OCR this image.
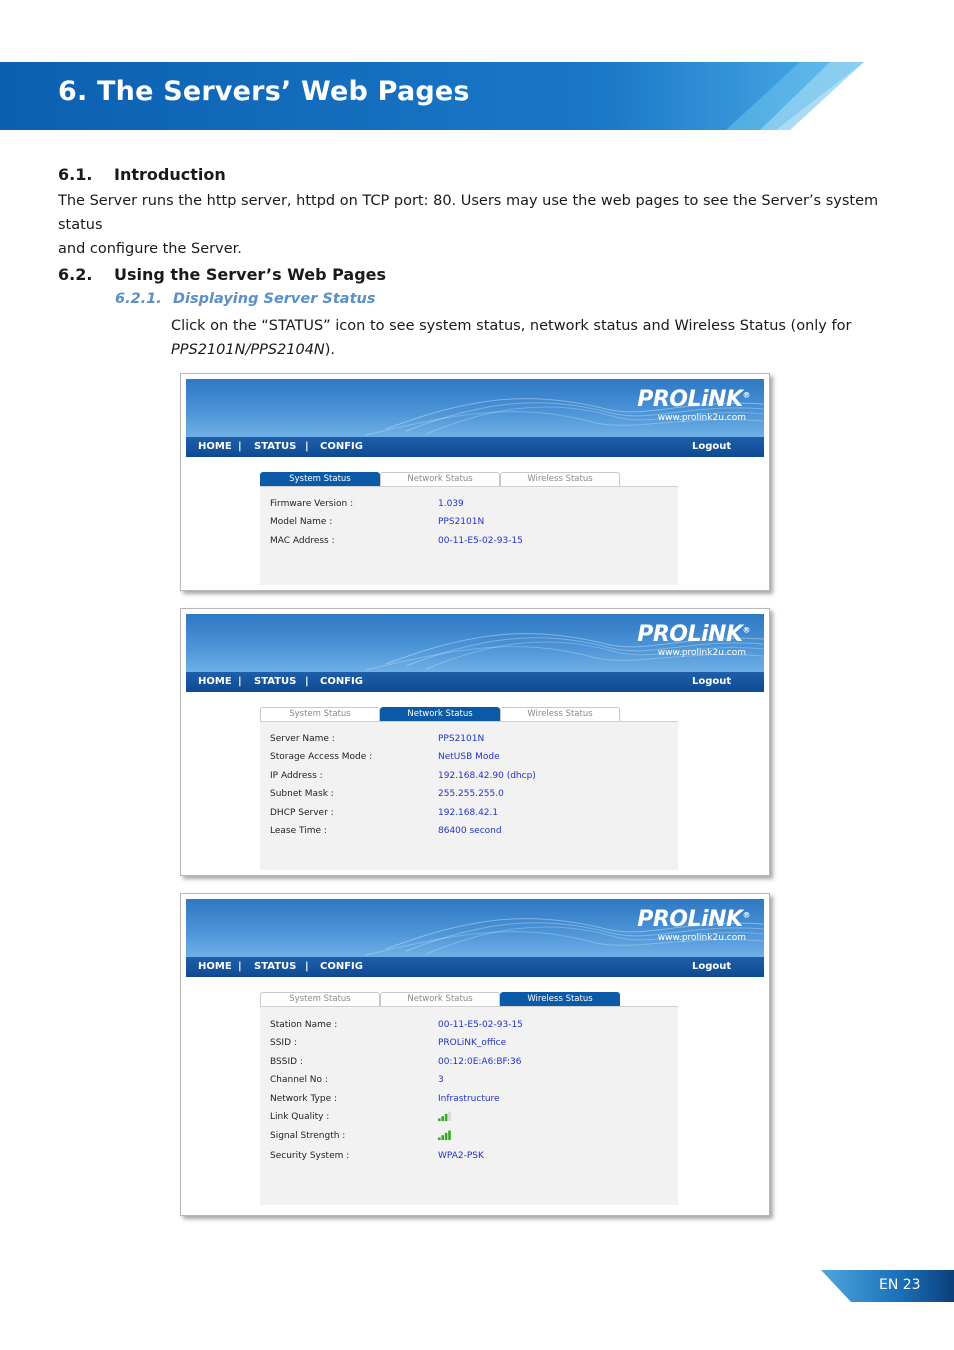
6. The Servers’ Web Pages
6.1. Introduction
The Server runs the http server, httpd on TCP port: 80. Users may use the web pages to see the Server’s system status
and configure the Server.
6.2. Using the Server’s Web Pages
6.2.1. Displaying Server Status
Click on the “STATUS” icon to see system status, network status and Wireless Status (only for
PPS2101N/PPS2104N).
PROLiNK®
www.prolink2u.com
HOME | STATUS | CONFIG	Logout
System Status	Network Status	Wireless Status
Firmware Version :	1.039
Model Name :	PPS2101N
MAC Address :	00-11-E5-02-93-15
PROLiNK®
www.prolink2u.com
HOME | STATUS | CONFIG	Logout
System Status	Network Status	Wireless Status
Server Name :	PPS2101N
Storage Access Mode :	NetUSB Mode
IP Address :	192.168.42.90 (dhcp)
Subnet Mask :	255.255.255.0
DHCP Server :	192.168.42.1
Lease Time :	86400 second
PROLiNK®
www.prolink2u.com
HOME | STATUS | CONFIG	Logout
System Status	Network Status	Wireless Status
Station Name :	00-11-E5-02-93-15
SSID :	PROLiNK_office
BSSID :	00:12:0E:A6:BF:36
Channel No :	3
Network Type :	Infrastructure
Link Quality :
Signal Strength :
Security System :	WPA2-PSK
EN 23
